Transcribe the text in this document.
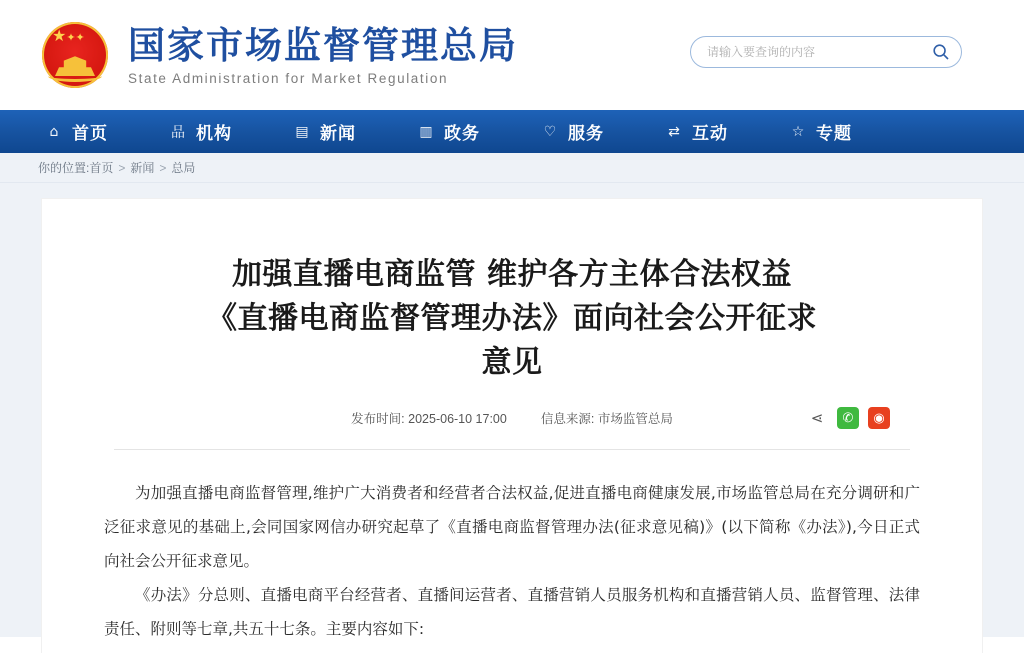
★✦✦ 国家市场监督管理总局
State Administration for Market Regulation
请输入要查询的内容
⌂ 首页	品 机构	▤ 新闻	▥ 政务	♡ 服务	⇄ 互动	☆ 专题
你的位置: 首页 > 新闻 > 总局
加强直播电商监管 维护各方主体合法权益
《直播电商监督管理办法》面向社会公开征求
意见
发布时间: 2025-06-10 17:00	信息来源: 市场监管总局	⋖	✆	◉

为加强直播电商监督管理,维护广大消费者和经营者合法权益,促进直播电商健康发展,市场监管总局在充分调研和广泛征求意见的基础上,会同国家网信办研究起草了《直播电商监督管理办法(征求意见稿)》(以下简称《办法》),今日正式向社会公开征求意见。

《办法》分总则、直播电商平台经营者、直播间运营者、直播营销人员服务机构和直播营销人员、监督管理、法律责任、附则等七章,共五十七条。主要内容如下:
